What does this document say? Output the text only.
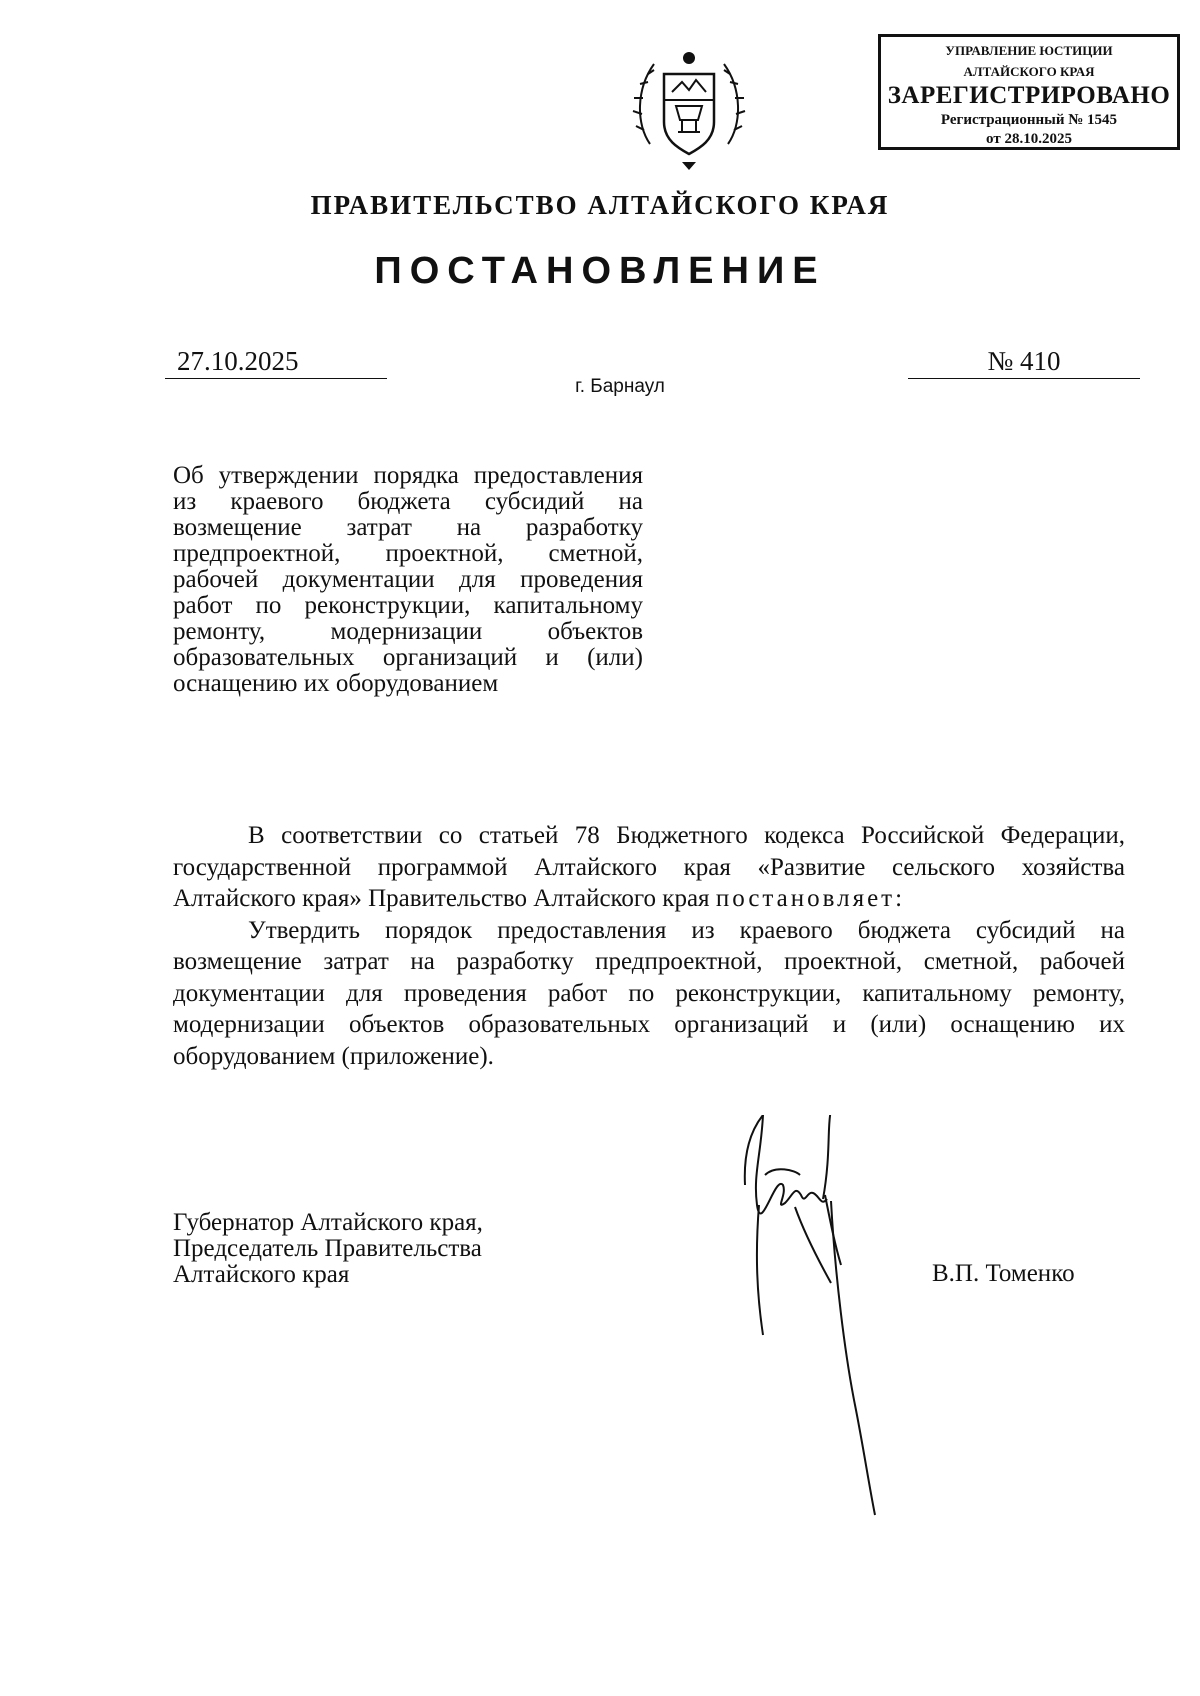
УПРАВЛЕНИЕ ЮСТИЦИИ
АЛТАЙСКОГО КРАЯ
ЗАРЕГИСТРИРОВАНО
Регистрационный № 1545
от 28.10.2025
ПРАВИТЕЛЬСТВО АЛТАЙСКОГО КРАЯ
ПОСТАНОВЛЕНИЕ
27.10.2025	№ 410
г. Барнаул
Об утверждении порядка предоставления из краевого бюджета субсидий на возмещение затрат на разработку предпроектной, проектной, сметной, рабочей документации для проведения работ по реконструкции, капитальному ремонту, модернизации объектов образовательных организаций и (или) оснащению их оборудованием

В соответствии со статьей 78 Бюджетного кодекса Российской Федерации, государственной программой Алтайского края «Развитие сельского хозяйства Алтайского края» Правительство Алтайского края постановляет:

Утвердить порядок предоставления из краевого бюджета субсидий на возмещение затрат на разработку предпроектной, проектной, сметной, рабочей документации для проведения работ по реконструкции, капитальному ремонту, модернизации объектов образовательных организаций и (или) оснащению их оборудованием (приложение).

Губернатор Алтайского края,
Председатель Правительства
Алтайского края	В.П. Томенко
